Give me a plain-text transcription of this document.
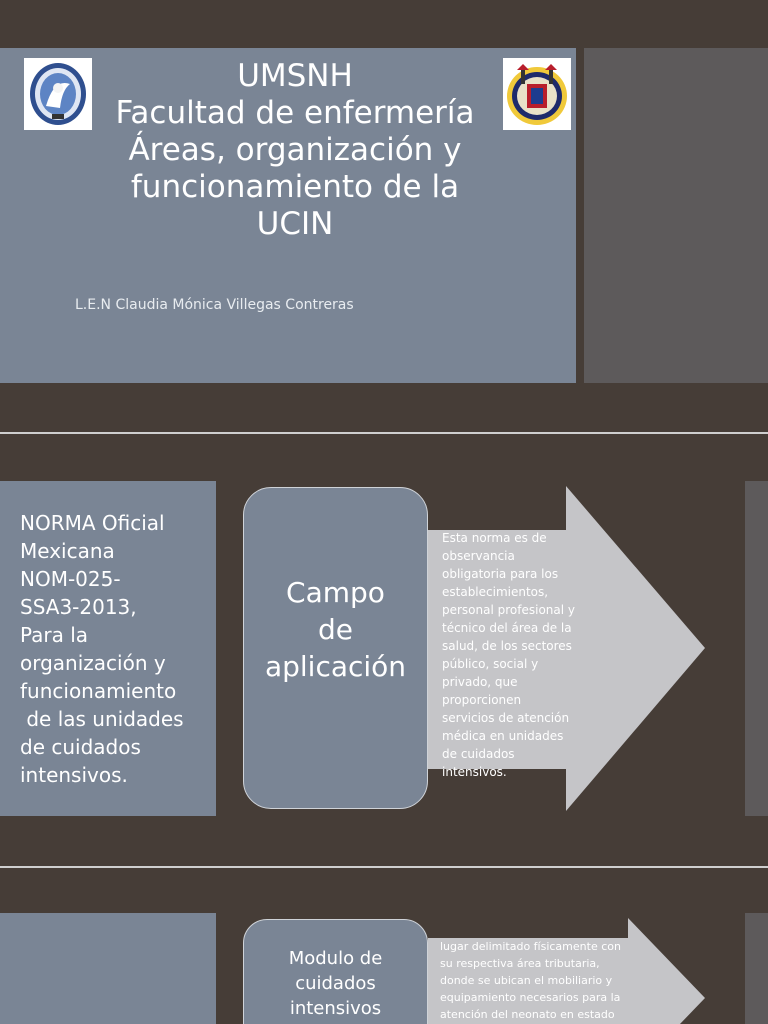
UMSNH
Facultad de enfermería
Áreas, organización y
funcionamiento de la
UCIN
L.E.N Claudia Mónica Villegas Contreras
NORMA Oficial
Mexicana
NOM-025-
SSA3-2013,
Para la
organización y
funcionamiento
de las unidades
de cuidados
intensivos.
Campo
de
aplicación
Esta norma es de
observancia
obligatoria para los
establecimientos,
personal profesional y
técnico del área de la
salud, de los sectores
público, social y
privado, que
proporcionen
servicios de atención
médica en unidades
de cuidados
intensivos.
Modulo de
cuidados
intensivos
lugar delimitado físicamente con
su respectiva área tributaria,
donde se ubican el mobiliario y
equipamiento necesarios para la
atención del neonato en estado
